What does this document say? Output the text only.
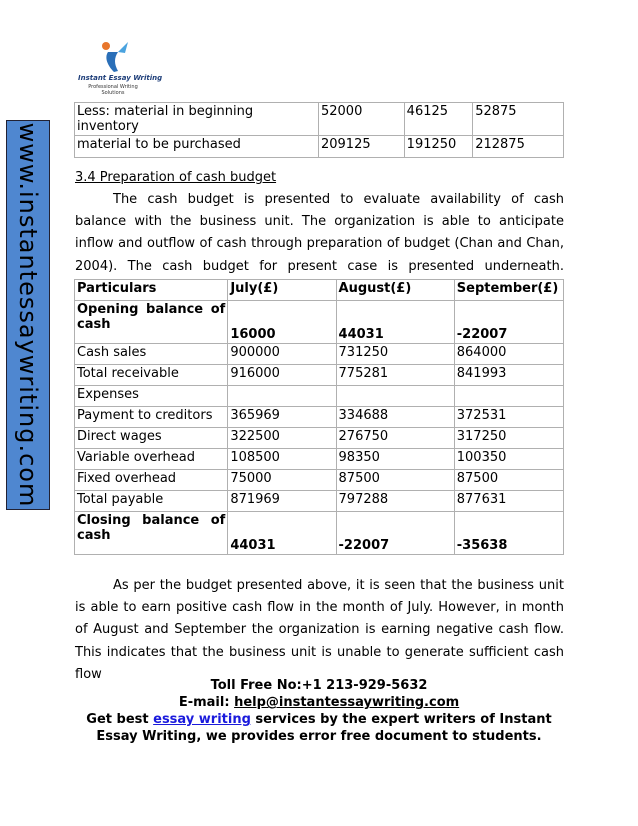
Instant Essay Writing
Professional Writing
Solutions
www.instantessaywriting.com
Less: material in beginning inventory	52000	46125	52875
material to be purchased	209125	191250	212875
3.4 Preparation of cash budget

The cash budget is presented to evaluate availability of cash balance with the business unit. The organization is able to anticipate inflow and outflow of cash through preparation of budget (Chan and Chan, 2004). The cash budget for present case is presented underneath.

Particulars	July(£)	August(£)	September(£)

Opening balance of
cash	16000	44031	-22007
Cash sales	900000	731250	864000
Total receivable	916000	775281	841993
Expenses			
Payment to creditors	365969	334688	372531
Direct wages	322500	276750	317250
Variable overhead	108500	98350	100350
Fixed overhead	75000	87500	87500
Total payable	871969	797288	877631

Closing balance of
cash	44031	-22007	-35638

As per the budget presented above, it is seen that the business unit is able to earn positive cash flow in the month of July. However, in month of August and September the organization is earning negative cash flow. This indicates that the business unit is unable to generate sufficient cash flow

Toll Free No:+1 213-929-5632
E-mail: help@instantessaywriting.com
Get best essay writing services by the expert writers of Instant
Essay Writing, we provides error free document to students.
